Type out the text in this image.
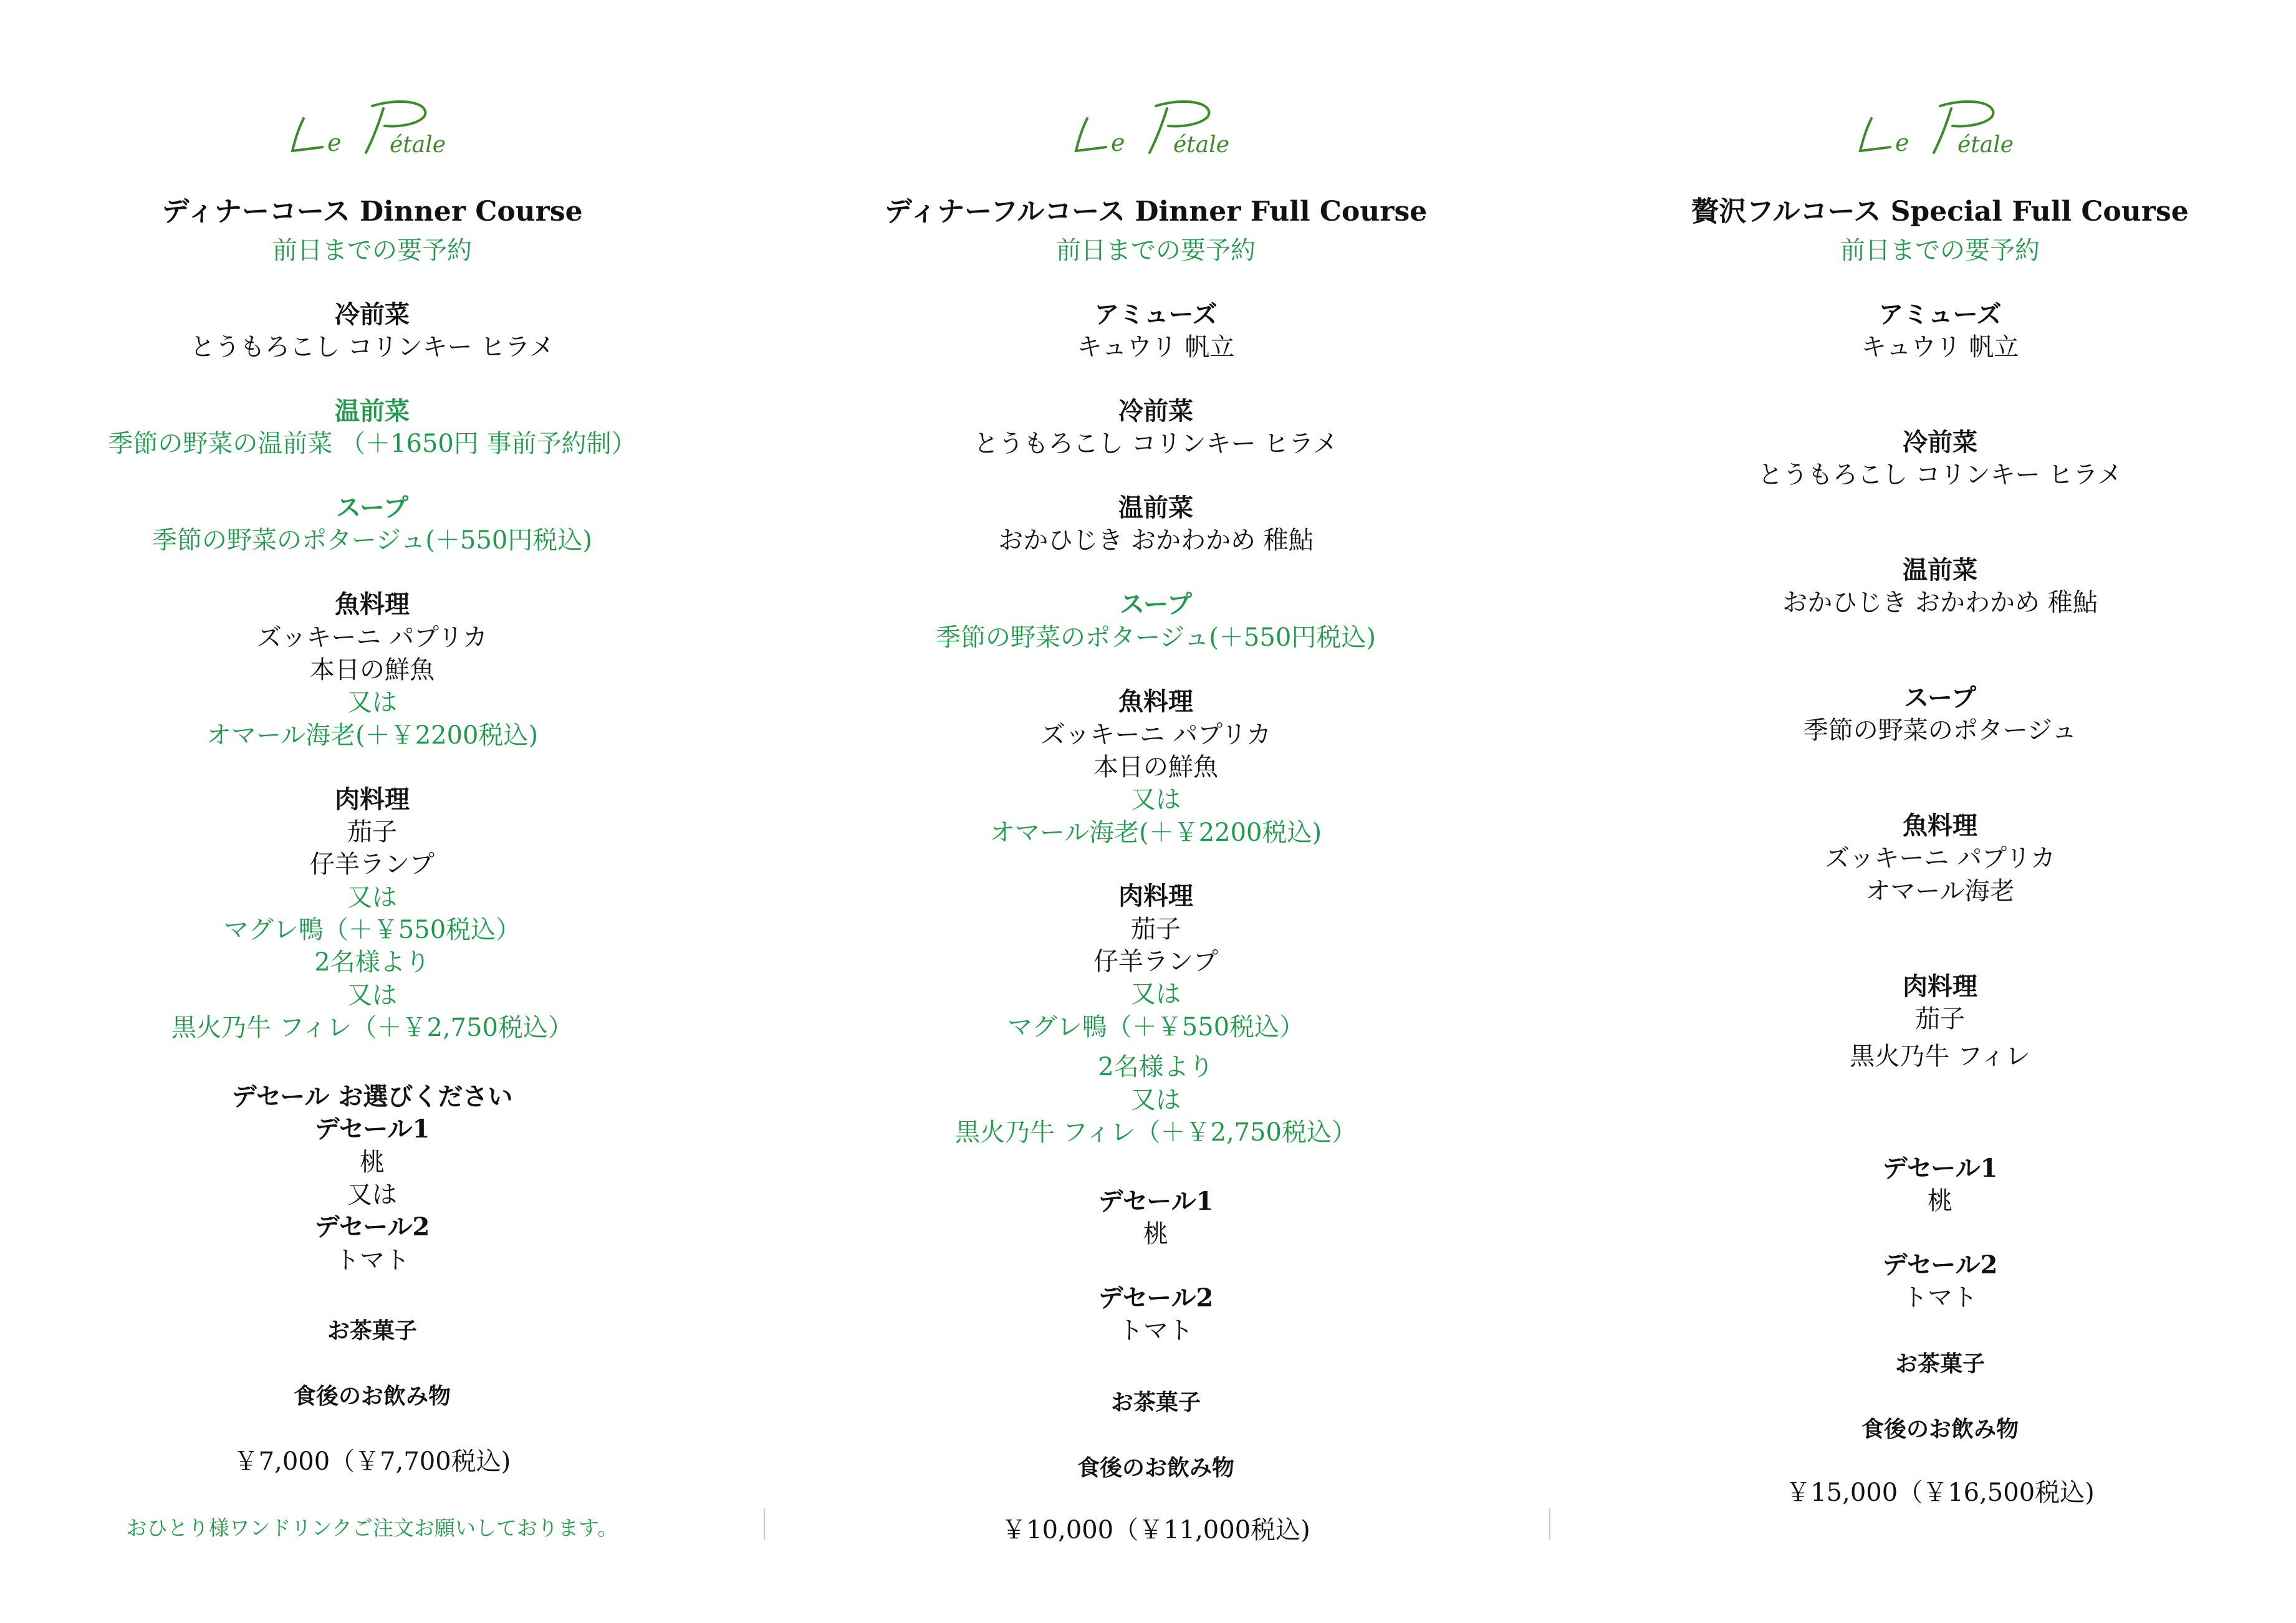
e étale
ディナーコース Dinner Course
前日までの要予約
冷前菜
とうもろこし コリンキー ヒラメ
温前菜
季節の野菜の温前菜 （＋1650円 事前予約制）
スープ
季節の野菜のポタージュ(＋550円税込)
魚料理
ズッキーニ パプリカ
本日の鮮魚
又は
オマール海老(＋￥2200税込)
肉料理
茄子
仔羊ランプ
又は
マグレ鴨（＋￥550税込）
2名様より
又は
黒火乃牛 フィレ（＋￥2,750税込）
デセール お選びください
デセール1
桃
又は
デセール2
トマト
お茶菓子
食後のお飲み物
￥7,000（￥7,700税込)
おひとり様ワンドリンクご注文お願いしております。
e étale
ディナーフルコース Dinner Full Course
前日までの要予約
アミューズ
キュウリ 帆立
冷前菜
とうもろこし コリンキー ヒラメ
温前菜
おかひじき おかわかめ 稚鮎
スープ
季節の野菜のポタージュ(＋550円税込)
魚料理
ズッキーニ パプリカ
本日の鮮魚
又は
オマール海老(＋￥2200税込)
肉料理
茄子
仔羊ランプ
又は
マグレ鴨（＋￥550税込）
2名様より
又は
黒火乃牛 フィレ（＋￥2,750税込）
デセール1
桃
デセール2
トマト
お茶菓子
食後のお飲み物
￥10,000（￥11,000税込)
e étale
贅沢フルコース Special Full Course
前日までの要予約
アミューズ
キュウリ 帆立
冷前菜
とうもろこし コリンキー ヒラメ
温前菜
おかひじき おかわかめ 稚鮎
スープ
季節の野菜のポタージュ
魚料理
ズッキーニ パプリカ
オマール海老
肉料理
茄子
黒火乃牛 フィレ
デセール1
桃
デセール2
トマト
お茶菓子
食後のお飲み物
￥15,000（￥16,500税込)
